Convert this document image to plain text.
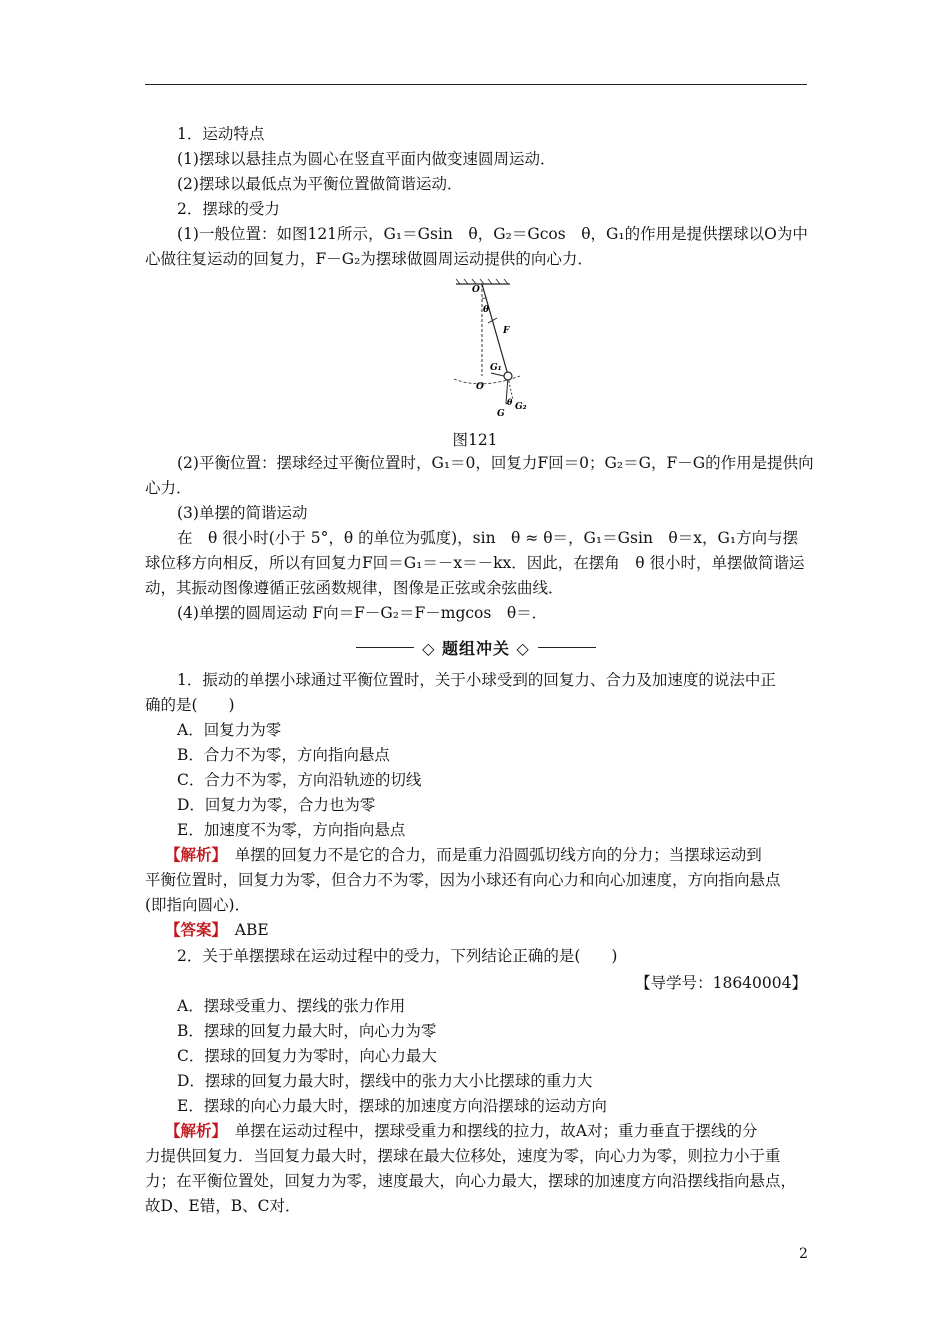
1．运动特点
(1)摆球以悬挂点为圆心在竖直平面内做变速圆周运动．
(2)摆球以最低点为平衡位置做简谐运动．
2．摆球的受力
(1)一般位置：如图121所示，G₁＝Gsin　θ，G₂＝Gcos　θ，G₁的作用是提供摆球以O为中
心做往复运动的回复力，F－G₂为摆球做圆周运动提供的向心力．
O
θ
F
G₁
O
G
θ G₂
图121
(2)平衡位置：摆球经过平衡位置时，G₁＝0，回复力F回＝0；G₂＝G，F－G的作用是提供向
心力．
(3)单摆的简谐运动
在　θ 很小时(小于 5°，θ 的单位为弧度)，sin　θ ≈ θ＝，G₁＝Gsin　θ＝x，G₁方向与摆
球位移方向相反，所以有回复力F回＝G₁＝－x＝－kx．因此，在摆角　θ 很小时，单摆做简谐运
动，其振动图像遵循正弦函数规律，图像是正弦或余弦曲线．
(4)单摆的圆周运动 F向＝F－G₂＝F－mgcos　θ＝．
◇ 题组冲关 ◇
1．振动的单摆小球通过平衡位置时，关于小球受到的回复力、合力及加速度的说法中正
确的是(　　)
A．回复力为零
B．合力不为零，方向指向悬点
C．合力不为零，方向沿轨迹的切线
D．回复力为零，合力也为零
E．加速度不为零，方向指向悬点
【解析】　单摆的回复力不是它的合力，而是重力沿圆弧切线方向的分力；当摆球运动到
平衡位置时，回复力为零，但合力不为零，因为小球还有向心力和向心加速度，方向指向悬点
(即指向圆心)．
【答案】　ABE
2．关于单摆摆球在运动过程中的受力，下列结论正确的是(　　)
【导学号：18640004】
A．摆球受重力、摆线的张力作用
B．摆球的回复力最大时，向心力为零
C．摆球的回复力为零时，向心力最大
D．摆球的回复力最大时，摆线中的张力大小比摆球的重力大
E．摆球的向心力最大时，摆球的加速度方向沿摆球的运动方向
【解析】　单摆在运动过程中，摆球受重力和摆线的拉力，故A对；重力垂直于摆线的分
力提供回复力．当回复力最大时，摆球在最大位移处，速度为零，向心力为零，则拉力小于重
力；在平衡位置处，回复力为零，速度最大，向心力最大，摆球的加速度方向沿摆线指向悬点，
故D、E错，B、C对．
2
